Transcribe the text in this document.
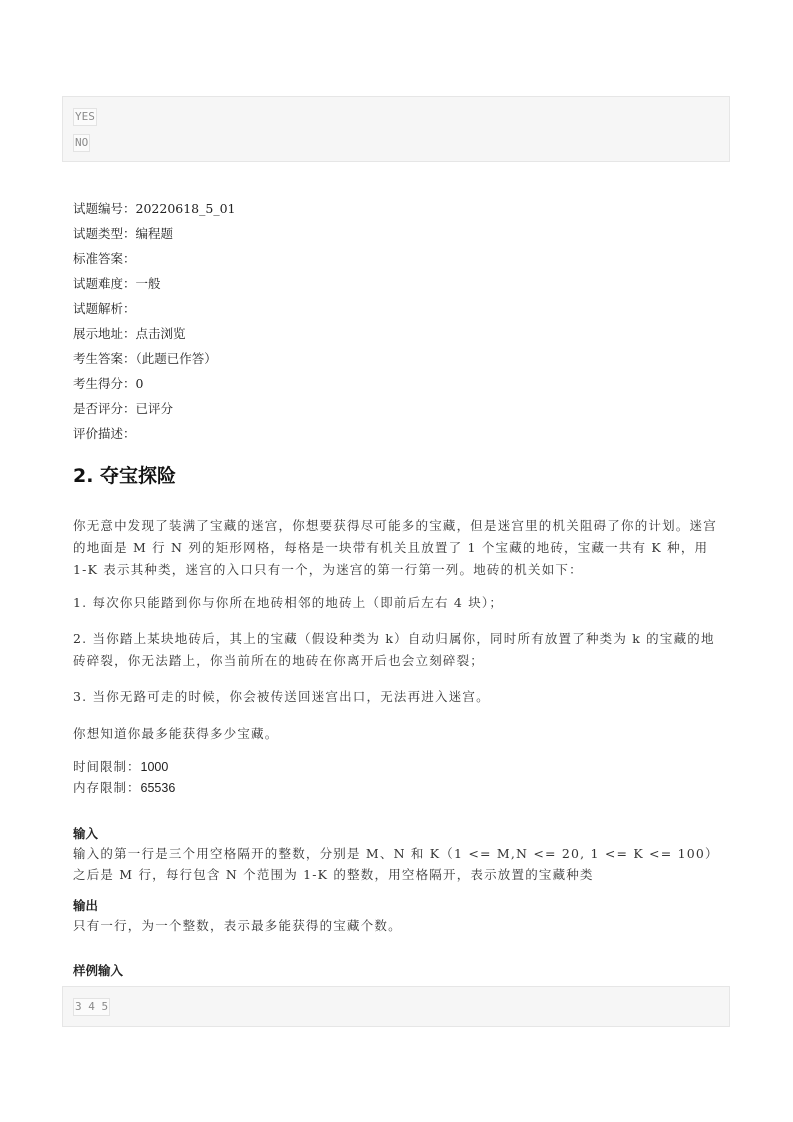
YES
NO
试题编号：20220618_5_01
试题类型：编程题
标准答案：
试题难度：一般
试题解析：
展示地址：点击浏览
考生答案：（此题已作答）
考生得分：0
是否评分：已评分
评价描述：
2. 夺宝探险

你无意中发现了装满了宝藏的迷宫，你想要获得尽可能多的宝藏，但是迷宫里的机关阻碍了你的计划。迷宫的地面是 M 行 N 列的矩形网格，每格是一块带有机关且放置了 1 个宝藏的地砖，宝藏一共有 K 种，用 1-K 表示其种类，迷宫的入口只有一个，为迷宫的第一行第一列。地砖的机关如下：

1. 每次你只能踏到你与你所在地砖相邻的地砖上（即前后左右 4 块）；

2. 当你踏上某块地砖后，其上的宝藏（假设种类为 k）自动归属你，同时所有放置了种类为 k 的宝藏的地砖碎裂，你无法踏上，你当前所在的地砖在你离开后也会立刻碎裂；

3. 当你无路可走的时候，你会被传送回迷宫出口，无法再进入迷宫。

你想知道你最多能获得多少宝藏。

时间限制：1000
内存限制：65536
输入

输入的第一行是三个用空格隔开的整数，分别是 M、N 和 K（1 <= M,N <= 20, 1 <= K <= 100） 之后是 M 行，每行包含 N 个范围为 1-K 的整数，用空格隔开，表示放置的宝藏种类

输出

只有一行，为一个整数，表示最多能获得的宝藏个数。

样例输入
3 4 5
